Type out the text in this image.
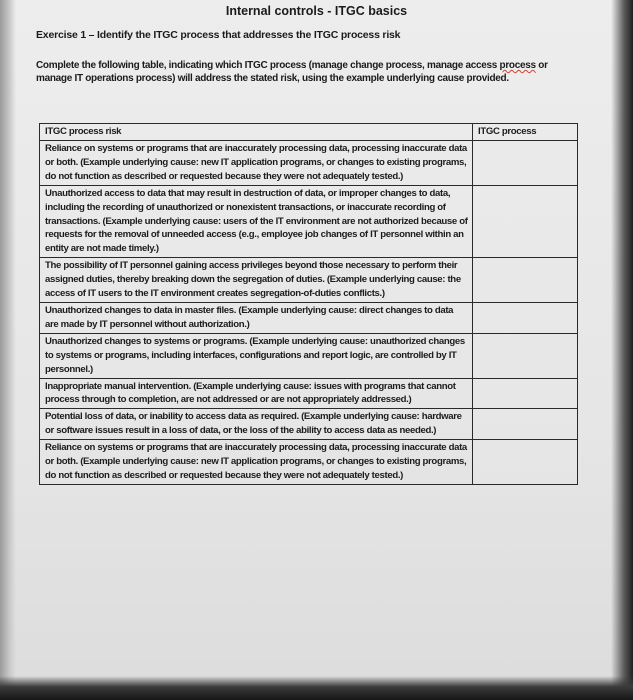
Internal controls - ITGC basics
Exercise 1 – Identify the ITGC process that addresses the ITGC process risk
Complete the following table, indicating which ITGC process (manage change process, manage access process or manage IT operations process) will address the stated risk, using the example underlying cause provided.
ITGC process risk	ITGC process
Reliance on systems or programs that are inaccurately processing data, processing inaccurate data or both. (Example underlying cause: new IT application programs, or changes to existing programs, do not function as described or requested because they were not adequately tested.)	
Unauthorized access to data that may result in destruction of data, or improper changes to data, including the recording of unauthorized or nonexistent transactions, or inaccurate recording of transactions. (Example underlying cause: users of the IT environment are not authorized because of requests for the removal of unneeded access (e.g., employee job changes of IT personnel within an entity are not made timely.)	
The possibility of IT personnel gaining access privileges beyond those necessary to perform their assigned duties, thereby breaking down the segregation of duties. (Example underlying cause: the access of IT users to the IT environment creates segregation-of-duties conflicts.)	
Unauthorized changes to data in master files. (Example underlying cause: direct changes to data are made by IT personnel without authorization.)	
Unauthorized changes to systems or programs. (Example underlying cause: unauthorized changes to systems or programs, including interfaces, configurations and report logic, are controlled by IT personnel.)	
Inappropriate manual intervention. (Example underlying cause: issues with programs that cannot process through to completion, are not addressed or are not appropriately addressed.)	
Potential loss of data, or inability to access data as required. (Example underlying cause: hardware or software issues result in a loss of data, or the loss of the ability to access data as needed.)	
Reliance on systems or programs that are inaccurately processing data, processing inaccurate data or both. (Example underlying cause: new IT application programs, or changes to existing programs, do not function as described or requested because they were not adequately tested.)	
